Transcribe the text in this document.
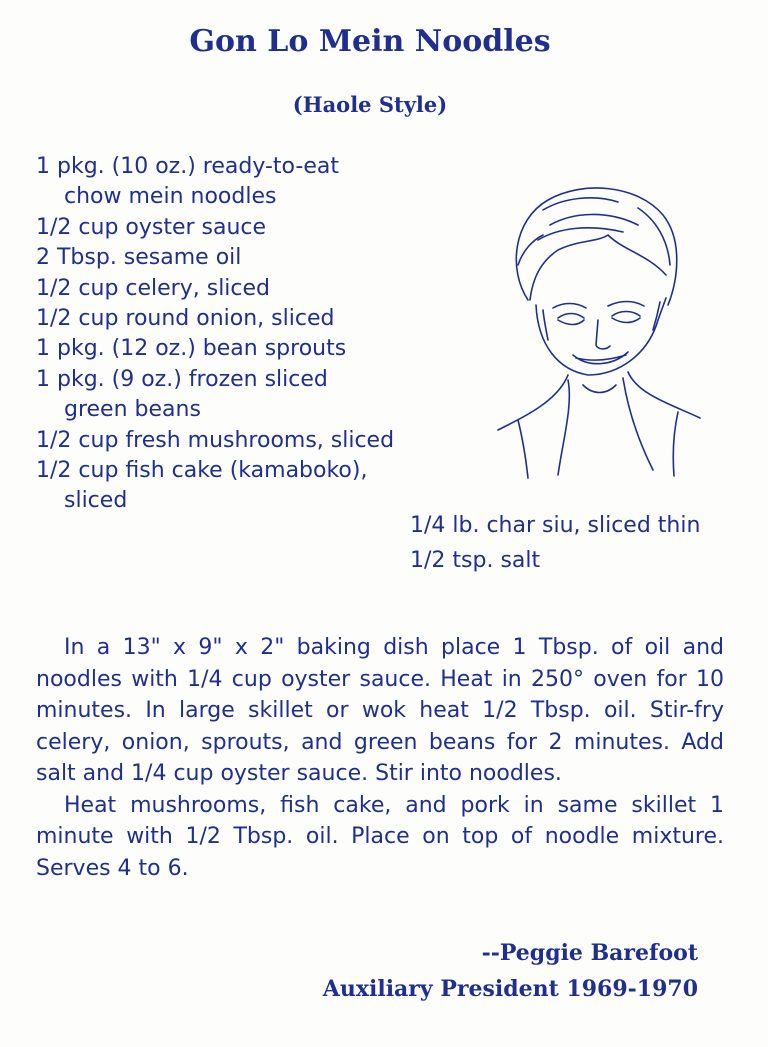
Gon Lo Mein Noodles
(Haole Style)
1 pkg. (10 oz.) ready-to-eat chow mein noodles
1/2 cup oyster sauce
2 Tbsp. sesame oil
1/2 cup celery, sliced
1/2 cup round onion, sliced
1 pkg. (12 oz.) bean sprouts
1 pkg. (9 oz.) frozen sliced green beans
1/2 cup fresh mushrooms, sliced
1/2 cup fish cake (kamaboko), sliced
1/4 lb. char siu, sliced thin
1/2 tsp. salt

In a 13" x 9" x 2" baking dish place 1 Tbsp. of oil and noodles with 1/4 cup oyster sauce. Heat in 250° oven for 10 minutes. In large skillet or wok heat 1/2 Tbsp. oil. Stir-fry celery, onion, sprouts, and green beans for 2 minutes. Add salt and 1/4 cup oyster sauce. Stir into noodles.

Heat mushrooms, fish cake, and pork in same skillet 1 minute with 1/2 Tbsp. oil. Place on top of noodle mixture. Serves 4 to 6.

--Peggie Barefoot
Auxiliary President 1969-1970
